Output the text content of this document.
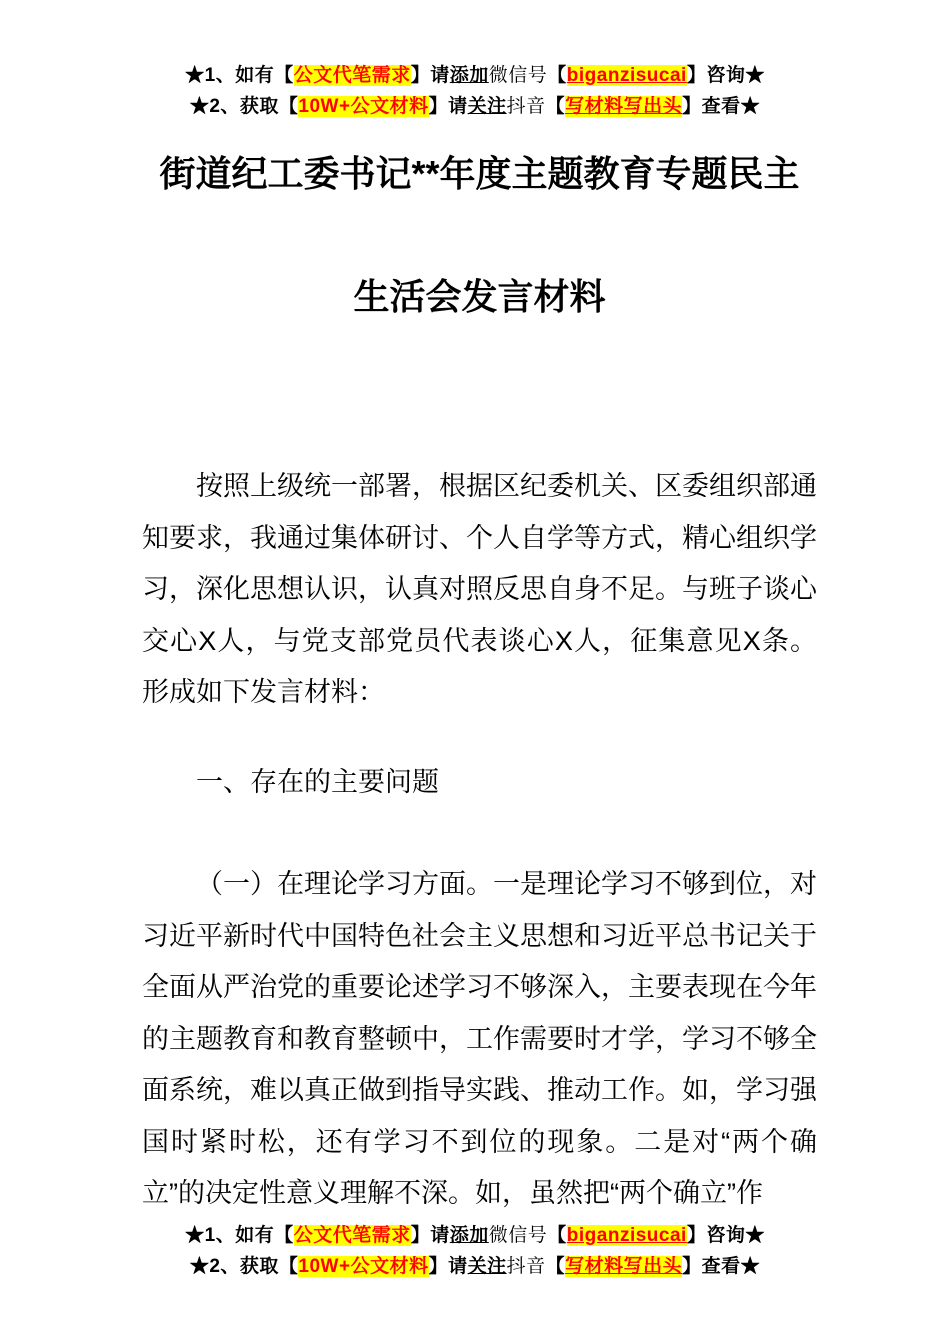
★1、如有【公文代笔需求】请添加微信号【biganzisucai】咨询★
★2、获取【10W+公文材料】请关注抖音【写材料写出头】查看★
街道纪工委书记**年度主题教育专题民主
生活会发言材料

按照上级统一部署，根据区纪委机关、区委组织部通知要求，我通过集体研讨、个人自学等方式，精心组织学习，深化思想认识，认真对照反思自身不足。与班子谈心交心X人，与党支部党员代表谈心X人，征集意见X条。形成如下发言材料：

一、存在的主要问题

（一）在理论学习方面。一是理论学习不够到位，对习近平新时代中国特色社会主义思想和习近平总书记关于全面从严治党的重要论述学习不够深入，主要表现在今年的主题教育和教育整顿中，工作需要时才学，学习不够全面系统，难以真正做到指导实践、推动工作。如，学习强国时紧时松，还有学习不到位的现象。二是对“两个确立”的决定性意义理解不深。如，虽然把“两个确立”作

★1、如有【公文代笔需求】请添加微信号【biganzisucai】咨询★
★2、获取【10W+公文材料】请关注抖音【写材料写出头】查看★
